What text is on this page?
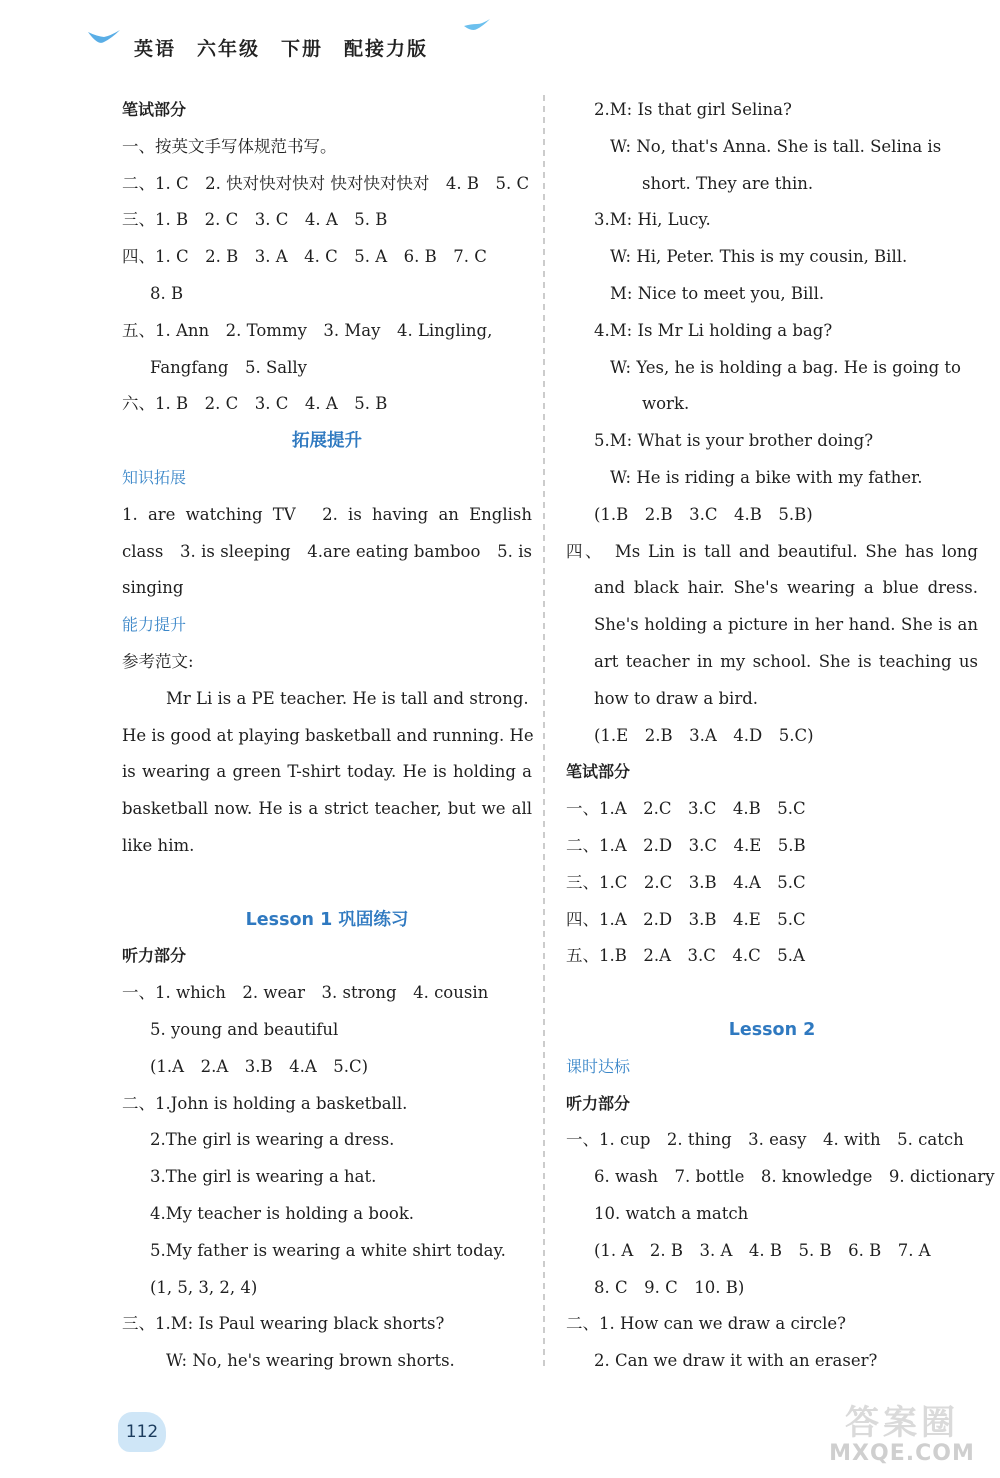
英语　六年级　下册　配接力版
笔试部分
一、按英文手写体规范书写。
二、1. C　2. 快对快对快对 快对快对快对　4. B　5. C
三、1. B　2. C　3. C　4. A　5. B
四、1. C　2. B　3. A　4. C　5. A　6. B　7. C
8. B
五、1. Ann　2. Tommy　3. May　4. Lingling,
Fangfang　5. Sally
六、1. B　2. C　3. C　4. A　5. B
拓展提升
知识拓展
1. are watching TV　2. is having an English
class　3. is sleeping　4.are eating bamboo　5. is
singing
能力提升
参考范文:
Mr Li is a PE teacher. He is tall and strong.
He is good at playing basketball and running. He
is wearing a green T-shirt today. He is holding a
basketball now. He is a strict teacher, but we all
like him.
Lesson 1 巩固练习
听力部分
一、1. which　2. wear　3. strong　4. cousin
5. young and beautiful
(1.A　2.A　3.B　4.A　5.C)
二、1.John is holding a basketball.
2.The girl is wearing a dress.
3.The girl is wearing a hat.
4.My teacher is holding a book.
5.My father is wearing a white shirt today.
(1, 5, 3, 2, 4)
三、1.M: Is Paul wearing black shorts?
W: No, he's wearing brown shorts.
2.M: Is that girl Selina?
W: No, that's Anna. She is tall. Selina is
short. They are thin.
3.M: Hi, Lucy.
W: Hi, Peter. This is my cousin, Bill.
M: Nice to meet you, Bill.
4.M: Is Mr Li holding a bag?
W: Yes, he is holding a bag. He is going to
work.
5.M: What is your brother doing?
W: He is riding a bike with my father.
(1.B　2.B　3.C　4.B　5.B)
四、　Ms Lin is tall and beautiful. She has long
and black hair. She's wearing a blue dress.
She's holding a picture in her hand. She is an
art teacher in my school. She is teaching us
how to draw a bird.
(1.E　2.B　3.A　4.D　5.C)
笔试部分
一、1.A　2.C　3.C　4.B　5.C
二、1.A　2.D　3.C　4.E　5.B
三、1.C　2.C　3.B　4.A　5.C
四、1.A　2.D　3.B　4.E　5.C
五、1.B　2.A　3.C　4.C　5.A
Lesson 2
课时达标
听力部分
一、1. cup　2. thing　3. easy　4. with　5. catch
6. wash　7. bottle　8. knowledge　9. dictionary
10. watch a match
(1. A　2. B　3. A　4. B　5. B　6. B　7. A
8. C　9. C　10. B)
二、1. How can we draw a circle?
2. Can we draw it with an eraser?
112	答案圈
MXQE.COM
